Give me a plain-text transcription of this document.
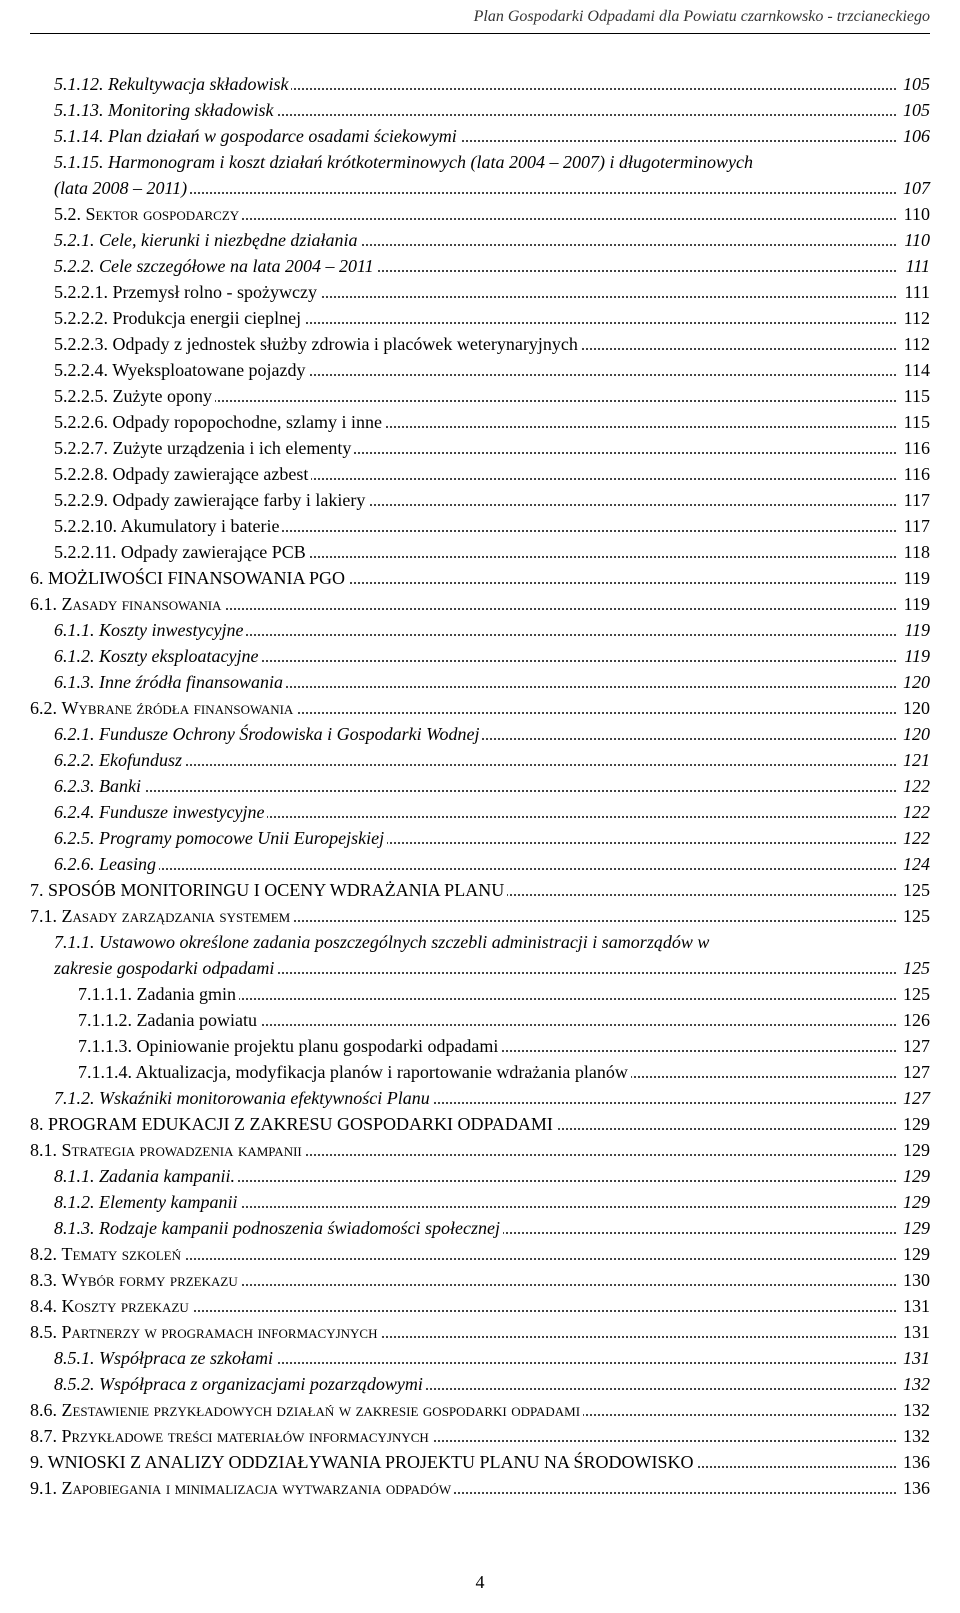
Plan Gospodarki Odpadami dla Powiatu czarnkowsko - trzcianeckiego
5.1.12. Rekultywacja składowisk	105
5.1.13. Monitoring składowisk	105
5.1.14. Plan działań w gospodarce osadami ściekowymi	106
5.1.15. Harmonogram i koszt działań krótkoterminowych (lata 2004 – 2007) i długoterminowych
(lata 2008 – 2011)	107
5.2. Sektor gospodarczy	110
5.2.1. Cele, kierunki i niezbędne działania	110
5.2.2. Cele szczegółowe na lata 2004 – 2011	111
5.2.2.1. Przemysł rolno - spożywczy	111
5.2.2.2. Produkcja energii cieplnej	112
5.2.2.3. Odpady z jednostek służby zdrowia i placówek weterynaryjnych	112
5.2.2.4. Wyeksploatowane pojazdy	114
5.2.2.5. Zużyte opony	115
5.2.2.6. Odpady ropopochodne, szlamy i inne	115
5.2.2.7. Zużyte urządzenia i ich elementy	116
5.2.2.8. Odpady zawierające azbest	116
5.2.2.9. Odpady zawierające farby i lakiery	117
5.2.2.10. Akumulatory i baterie	117
5.2.2.11. Odpady zawierające PCB	118
6. MOŻLIWOŚCI FINANSOWANIA PGO	119
6.1. Zasady finansowania	119
6.1.1. Koszty inwestycyjne	119
6.1.2. Koszty eksploatacyjne	119
6.1.3. Inne źródła finansowania	120
6.2. Wybrane źródła finansowania	120
6.2.1. Fundusze Ochrony Środowiska i Gospodarki Wodnej	120
6.2.2. Ekofundusz	121
6.2.3. Banki	122
6.2.4. Fundusze inwestycyjne	122
6.2.5. Programy pomocowe Unii Europejskiej	122
6.2.6. Leasing	124
7. SPOSÓB MONITORINGU I OCENY WDRAŻANIA PLANU	125
7.1. Zasady zarządzania systemem	125
7.1.1. Ustawowo określone zadania poszczególnych szczebli administracji i samorządów w
zakresie gospodarki odpadami	125
7.1.1.1. Zadania gmin	125
7.1.1.2. Zadania powiatu	126
7.1.1.3. Opiniowanie projektu planu gospodarki odpadami	127
7.1.1.4. Aktualizacja, modyfikacja planów i raportowanie wdrażania planów	127
7.1.2. Wskaźniki monitorowania efektywności Planu	127
8. PROGRAM EDUKACJI Z ZAKRESU GOSPODARKI ODPADAMI	129
8.1. Strategia prowadzenia kampanii	129
8.1.1. Zadania kampanii.	129
8.1.2. Elementy kampanii	129
8.1.3. Rodzaje kampanii podnoszenia świadomości społecznej	129
8.2. Tematy szkoleń	129
8.3. Wybór formy przekazu	130
8.4. Koszty przekazu	131
8.5. Partnerzy w programach informacyjnych	131
8.5.1. Współpraca ze szkołami	131
8.5.2. Współpraca z organizacjami pozarządowymi	132
8.6. Zestawienie przykładowych działań w zakresie gospodarki odpadami	132
8.7. Przykładowe treści materiałów informacyjnych	132
9. WNIOSKI Z ANALIZY ODDZIAŁYWANIA PROJEKTU PLANU NA ŚRODOWISKO	136
9.1. Zapobiegania i minimalizacja wytwarzania odpadów	136
4
